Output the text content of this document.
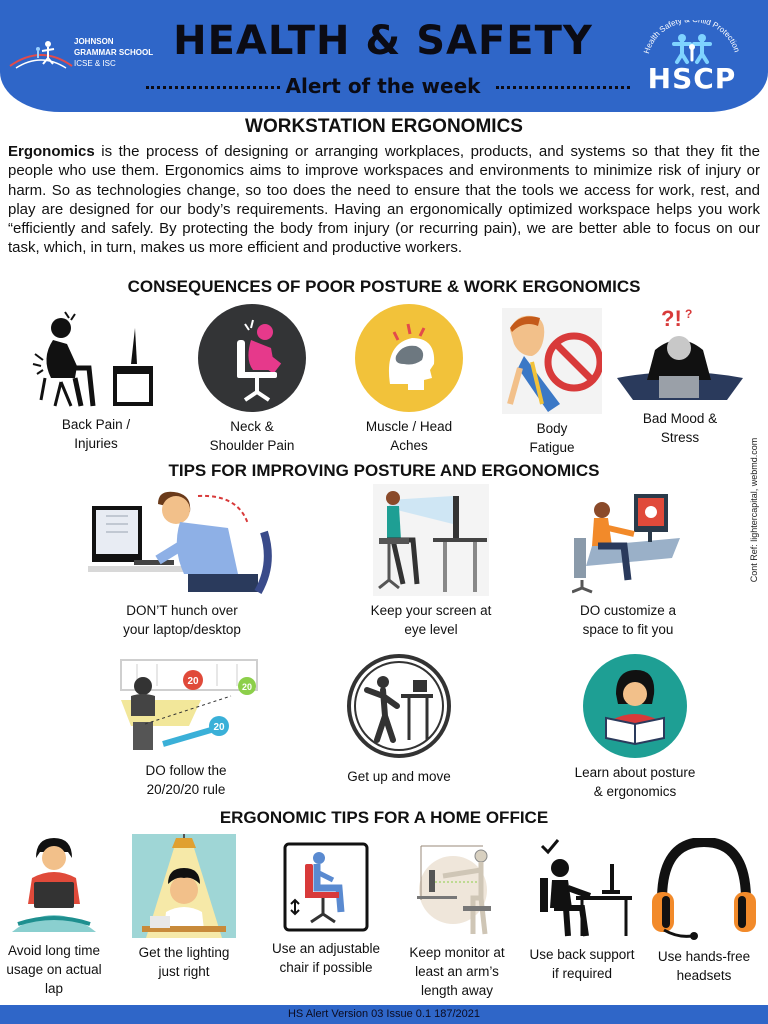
JOHNSON
GRAMMAR SCHOOL
ICSE & ISC	HEALTH & SAFETY
Alert of the week
Health Safety hild Protection
HSCP
WORKSTATION ERGONOMICS
Ergonomics is the process of designing or arranging workplaces, products, and systems so that they fit the people who use them. Ergonomics aims to improve workspaces and environments to minimize risk of injury or harm. So as technologies change, so too does the need to ensure that the tools we access for work, rest, and play are designed for our body’s requirements. Having an ergonomically optimized workspace helps you work “efficiently and safely. By protecting the body from injury (or recurring pain), we are better able to focus on our task, which, in turn, makes us more efficient and productive workers.
CONSEQUENCES OF POOR POSTURE & WORK ERGONOMICS
Back Pain /
Injuries
Neck &
Shoulder Pain
Muscle / Head
Aches
Body
Fatigue
?! ?
Bad Mood &
Stress
TIPS FOR IMPROVING POSTURE AND ERGONOMICS
DON’T hunch over
your laptop/desktop
Keep your screen at
eye level
DO customize a
space to fit you
20	20
20
DO follow the
20/20/20 rule
Get up and move	Learn about posture
& ergonomics
ERGONOMIC TIPS FOR A HOME OFFICE
Avoid long time
usage on actual
lap
Get the lighting
just right
Use an adjustable
chair if possible
Keep monitor at
least an arm’s
length away
Use back support
if required
Use hands-free
headsets
Cont Ref: lightercapital, webmd.com
HS Alert Version 03 Issue 0.1 187/2021
